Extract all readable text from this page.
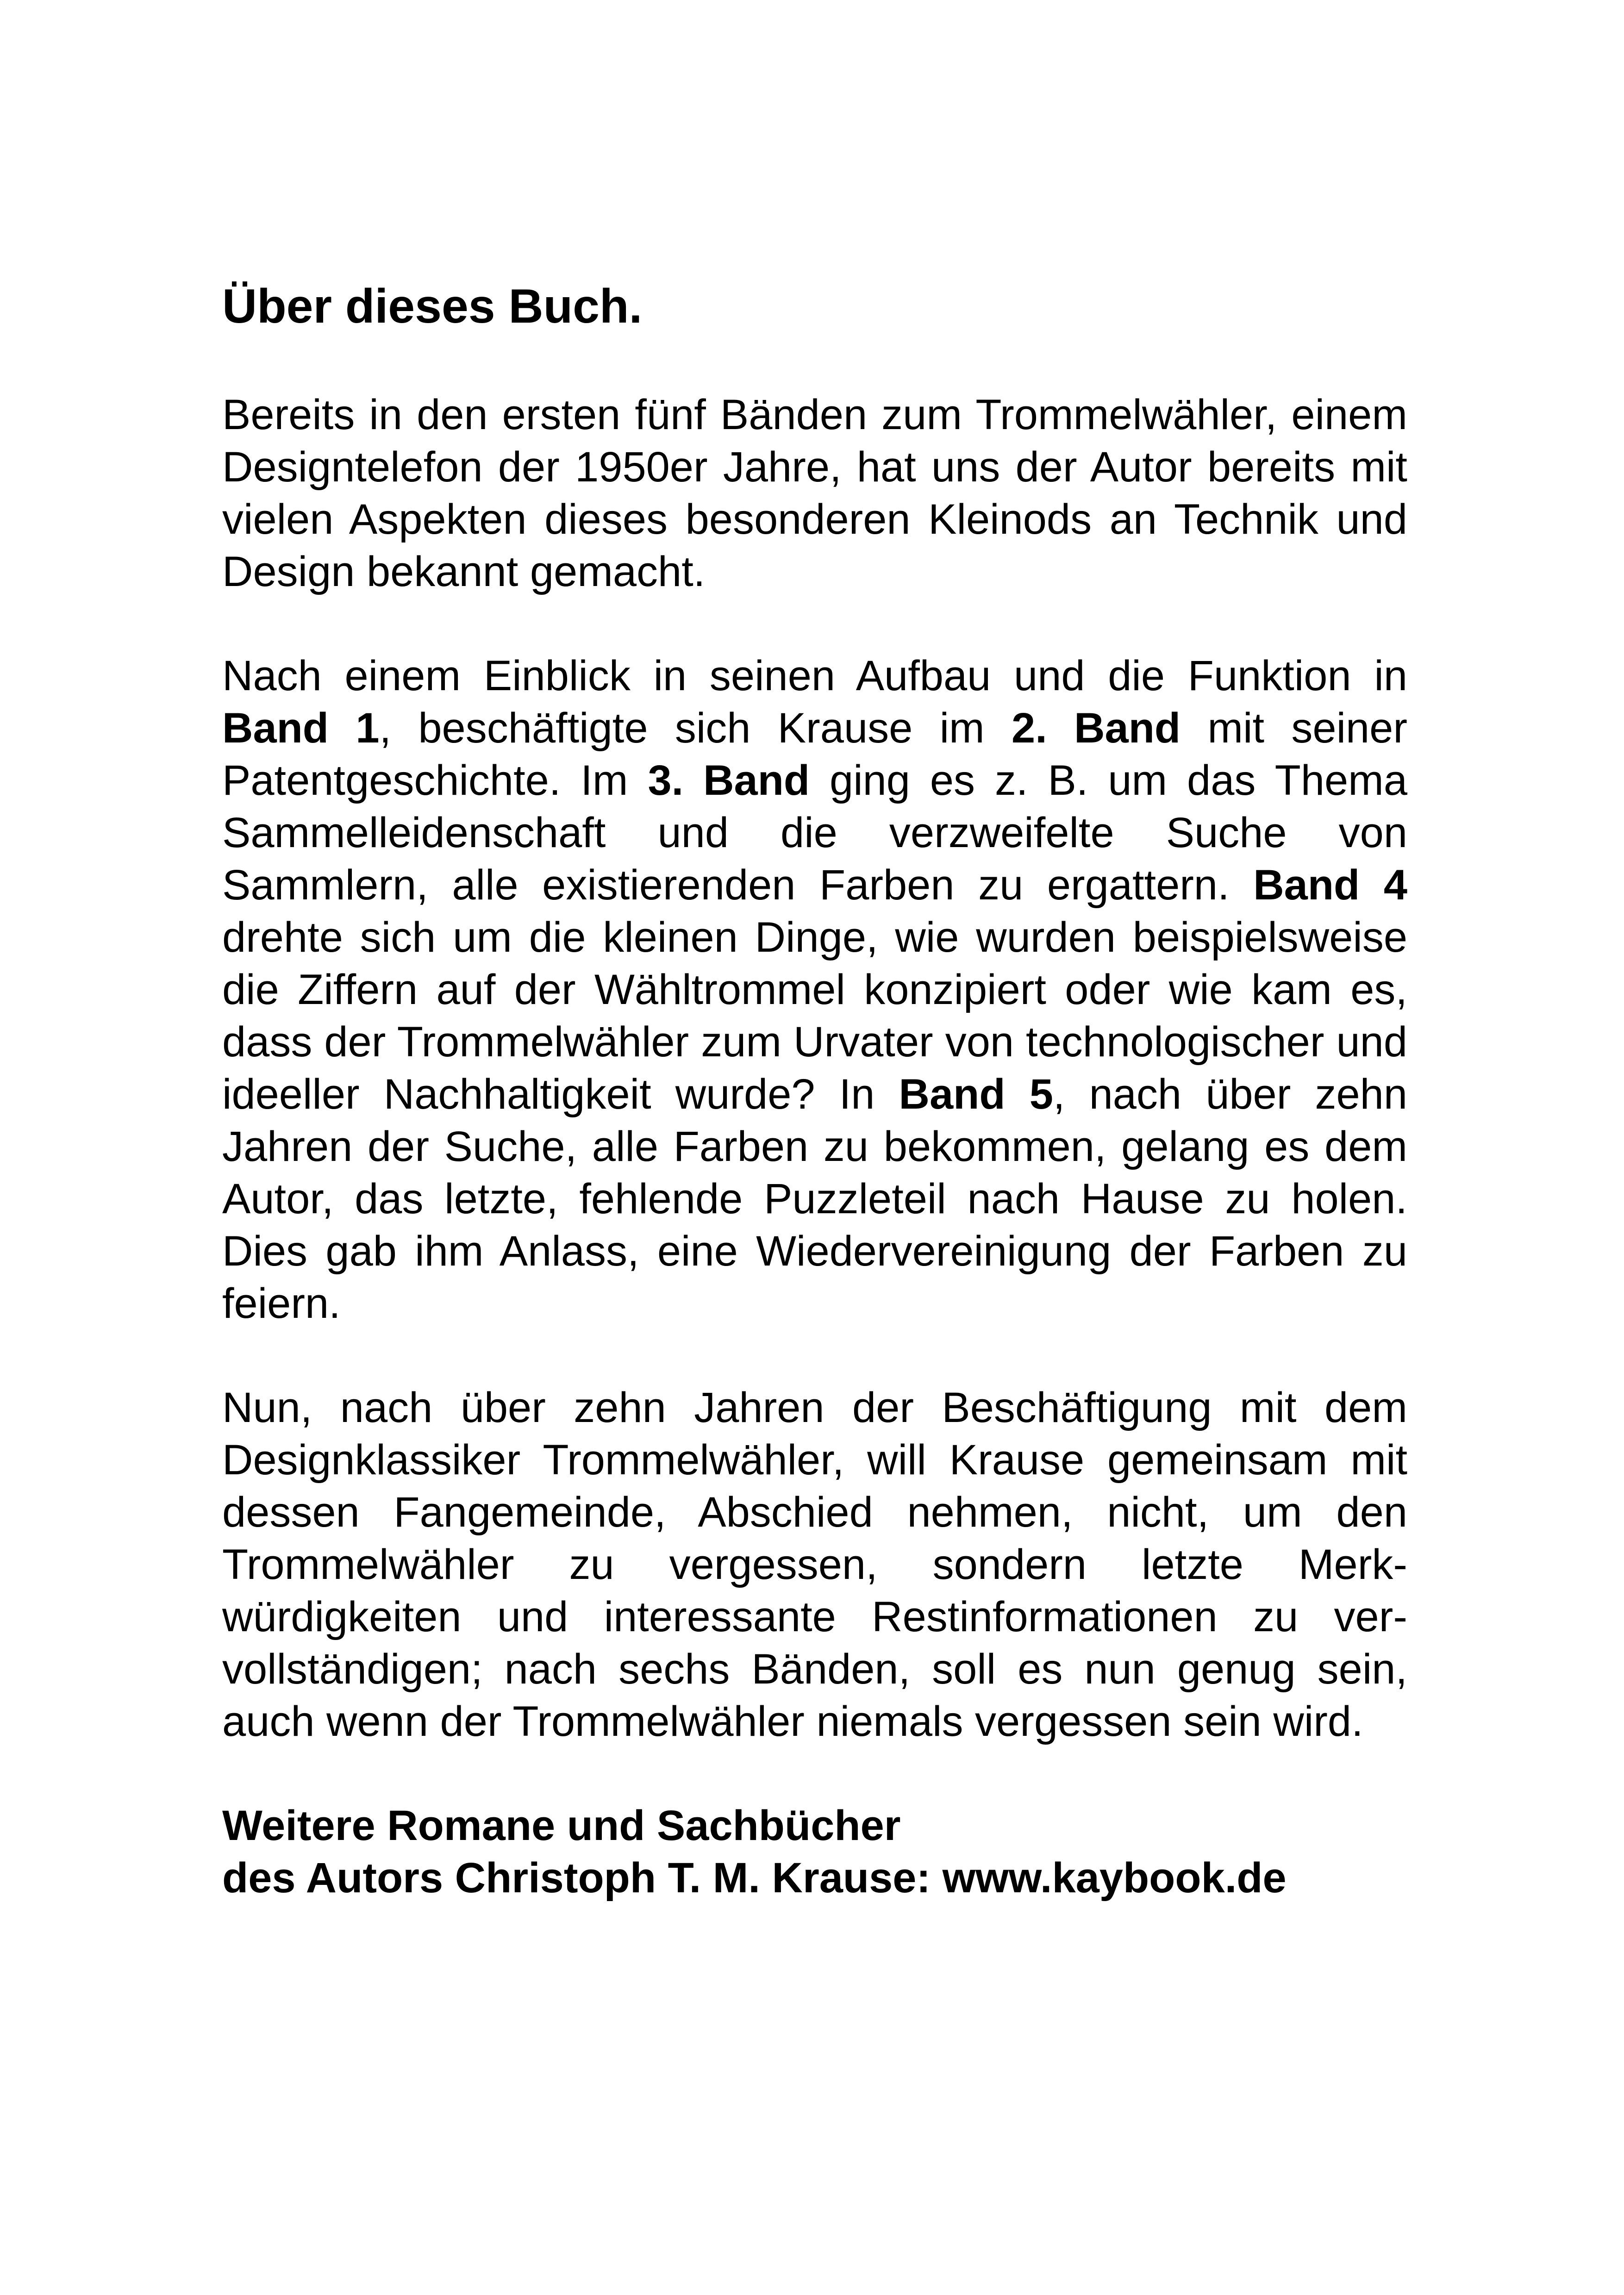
Über dieses Buch.

Bereits in den ersten fünf Bänden zum Trommelwähler, einem Designtelefon der 1950er Jahre, hat uns der Autor bereits mit vielen Aspekten dieses besonderen Kleinods an Technik und Design bekannt gemacht.

Nach einem Einblick in seinen Aufbau und die Funktion in Band 1, beschäftigte sich Krause im 2. Band mit seiner Patentgeschichte. Im 3. Band ging es z. B. um das Thema Sammelleidenschaft und die verzweifelte Suche von Sammlern, alle existierenden Farben zu ergattern. Band 4 drehte sich um die kleinen Dinge, wie wurden beispielsweise die Ziffern auf der Wähltrommel konzipiert oder wie kam es, dass der Trommelwähler zum Urvater von technologischer und ideeller Nachhaltigkeit wurde? In Band 5, nach über zehn Jahren der Suche, alle Farben zu bekommen, gelang es dem Autor, das letzte, fehlende Puzzleteil nach Hause zu holen. Dies gab ihm Anlass, eine Wiedervereinigung der Farben zu feiern.

Nun, nach über zehn Jahren der Beschäftigung mit dem Designklassiker Trommelwähler, will Krause gemeinsam mit dessen Fangemeinde, Abschied nehmen, nicht, um den Trommelwähler zu vergessen, sondern letzte Merkwürdigkeiten und interessante Restinformationen zu vervollständigen; nach sechs Bänden, soll es nun genug sein, auch wenn der Trommelwähler niemals vergessen sein wird.

Weitere Romane und Sachbücher
des Autors Christoph T. M. Krause: www.kaybook.de
